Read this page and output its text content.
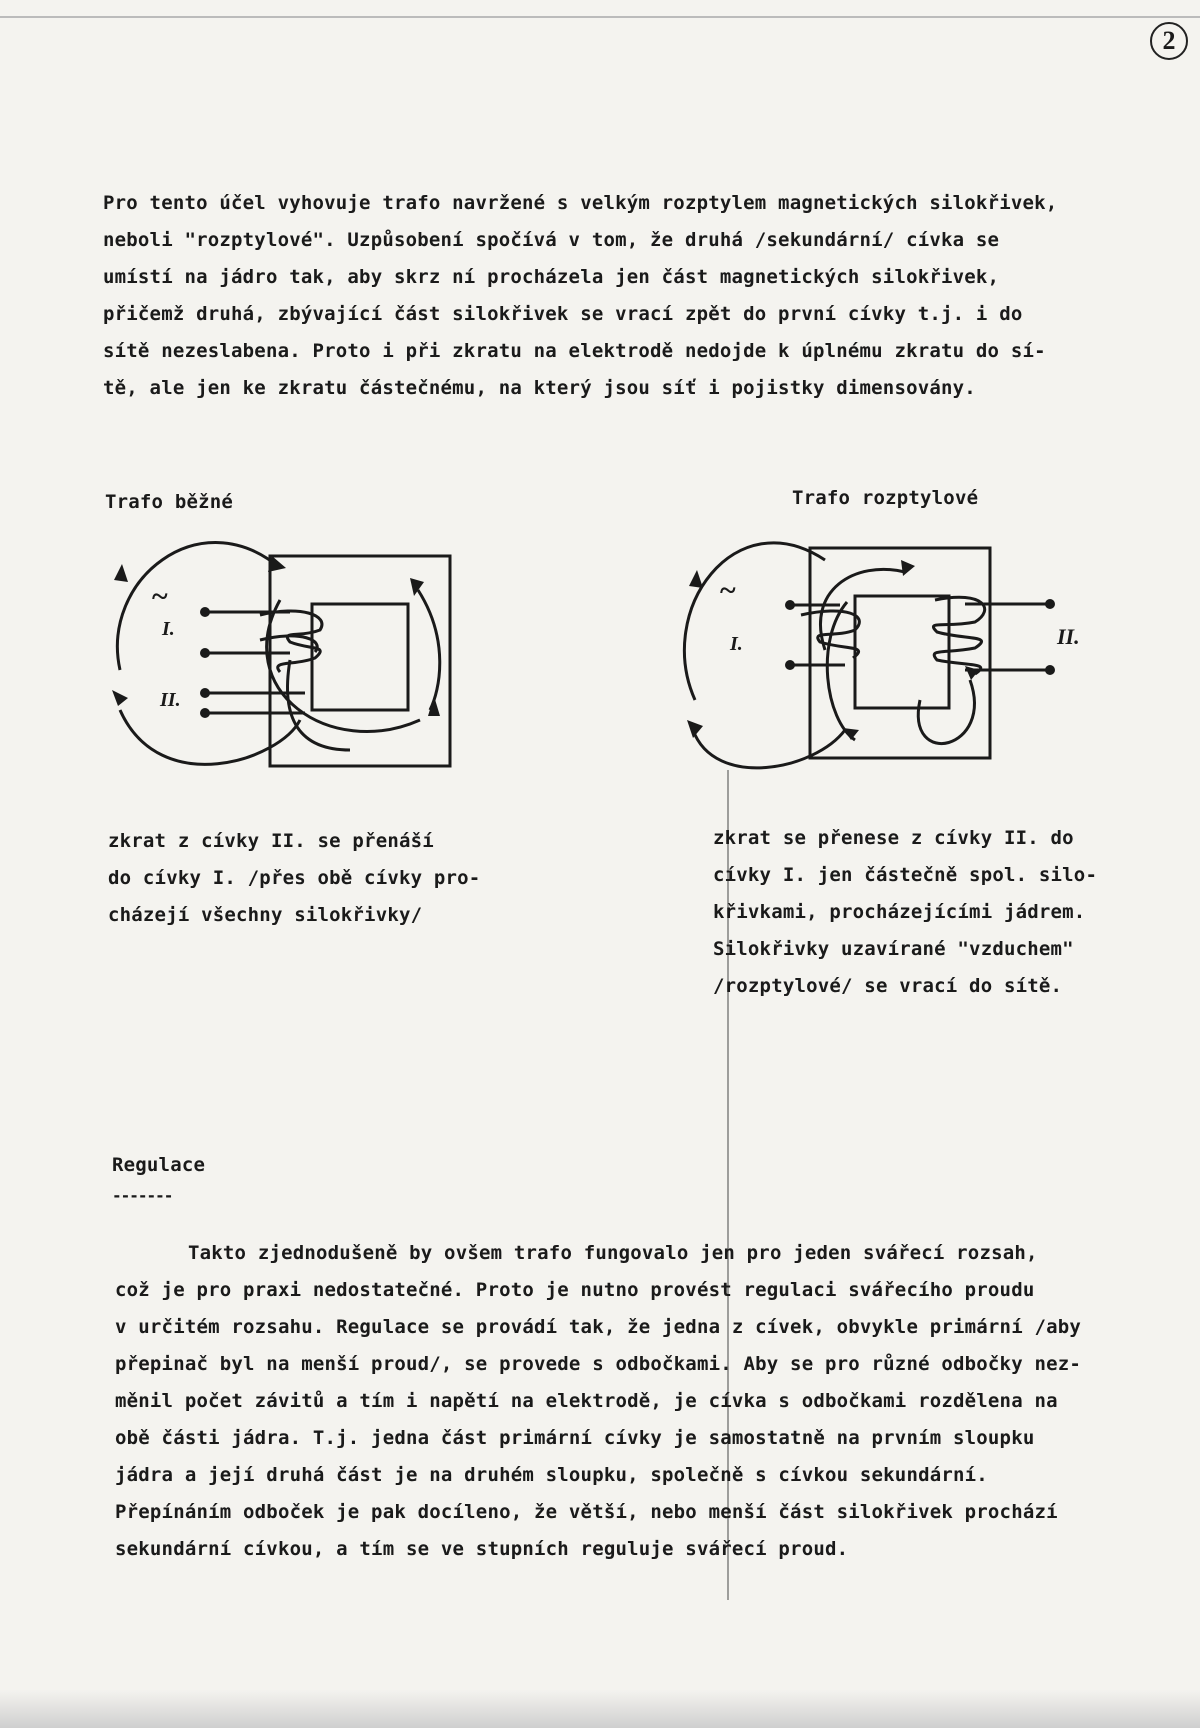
2
Pro tento účel vyhovuje trafo navržené s velkým rozptylem magnetických silokřivek,
neboli "rozptylové". Uzpůsobení spočívá v tom, že druhá /sekundární/ cívka se
umístí na jádro tak, aby skrz ní procházela jen část magnetických silokřivek,
přičemž druhá, zbývající část silokřivek se vrací zpět do první cívky t.j. i do
sítě nezeslabena. Proto i při zkratu na elektrodě nedojde k úplnému zkratu do sí-
tě, ale jen ke zkratu částečnému, na který jsou síť i pojistky dimensovány.
Trafo běžné	Trafo rozptylové
~
I.
II.
~
I.	II.
zkrat z cívky II. se přenáší
do cívky I. /přes obě cívky pro-
cházejí všechny silokřivky/
zkrat se přenese z cívky II. do
cívky I. jen částečně spol. silo-
křivkami, procházejícími jádrem.
Silokřivky uzavírané "vzduchem"
/rozptylové/ se vrací do sítě.
Regulace
-------
Takto zjednodušeně by ovšem trafo fungovalo jen pro jeden svářecí rozsah,
což je pro praxi nedostatečné. Proto je nutno provést regulaci svářecího proudu
v určitém rozsahu. Regulace se provádí tak, že jedna z cívek, obvykle primární /aby
přepinač byl na menší proud/, se provede s odbočkami. Aby se pro různé odbočky nez-
měnil počet závitů a tím i napětí na elektrodě, je cívka s odbočkami rozdělena na
obě části jádra. T.j. jedna část primární cívky je samostatně na prvním sloupku
jádra a její druhá část je na druhém sloupku, společně s cívkou sekundární.
Přepínáním odboček je pak docíleno, že větší, nebo menší část silokřivek prochází
sekundární cívkou, a tím se ve stupních reguluje svářecí proud.
